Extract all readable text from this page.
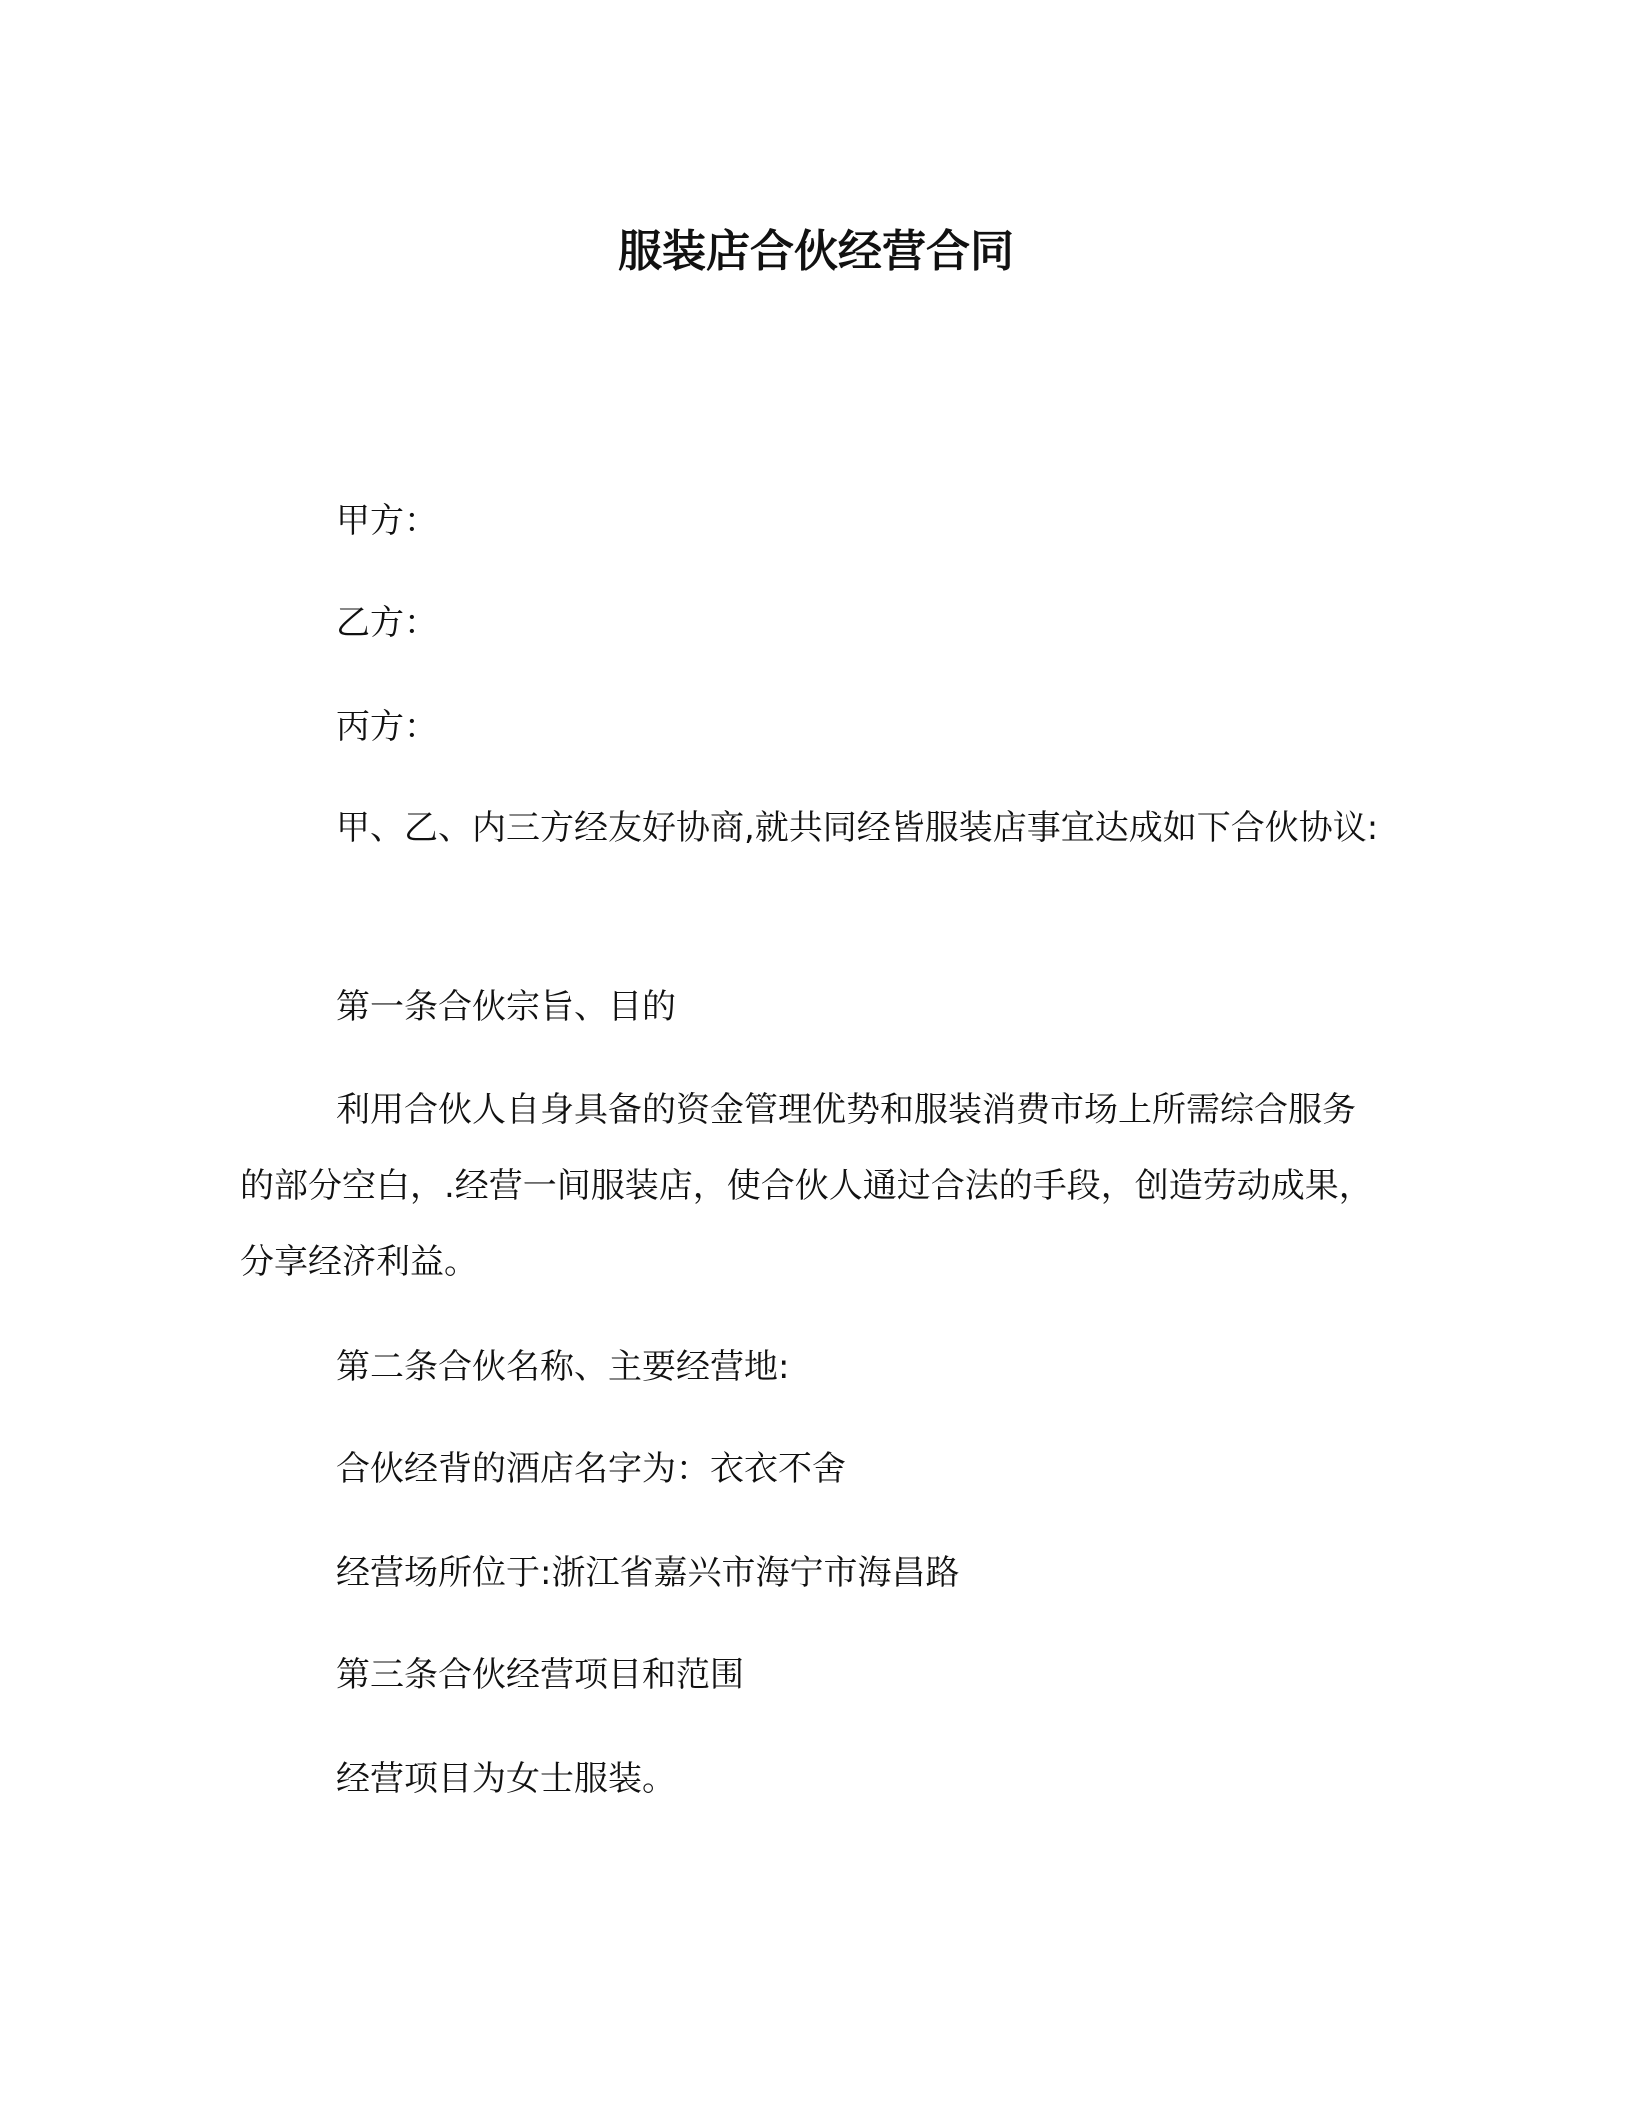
服装店合伙经营合同

甲方：

乙方：

丙方：

甲、乙、内三方经友好协商,就共同经皆服装店事宜达成如下合伙协议:

第一条合伙宗旨、目的

利用合伙人自身具备的资金管理优势和服装消费市场上所需综合服务的部分空白，.经营一间服装店，使合伙人通过合法的手段，创造劳动成果，分享经济利益。

第二条合伙名称、主要经营地:

合伙经背的酒店名字为：衣衣不舍

经营场所位于:浙江省嘉兴市海宁市海昌路

第三条合伙经营项目和范围

经营项目为女士服装。
